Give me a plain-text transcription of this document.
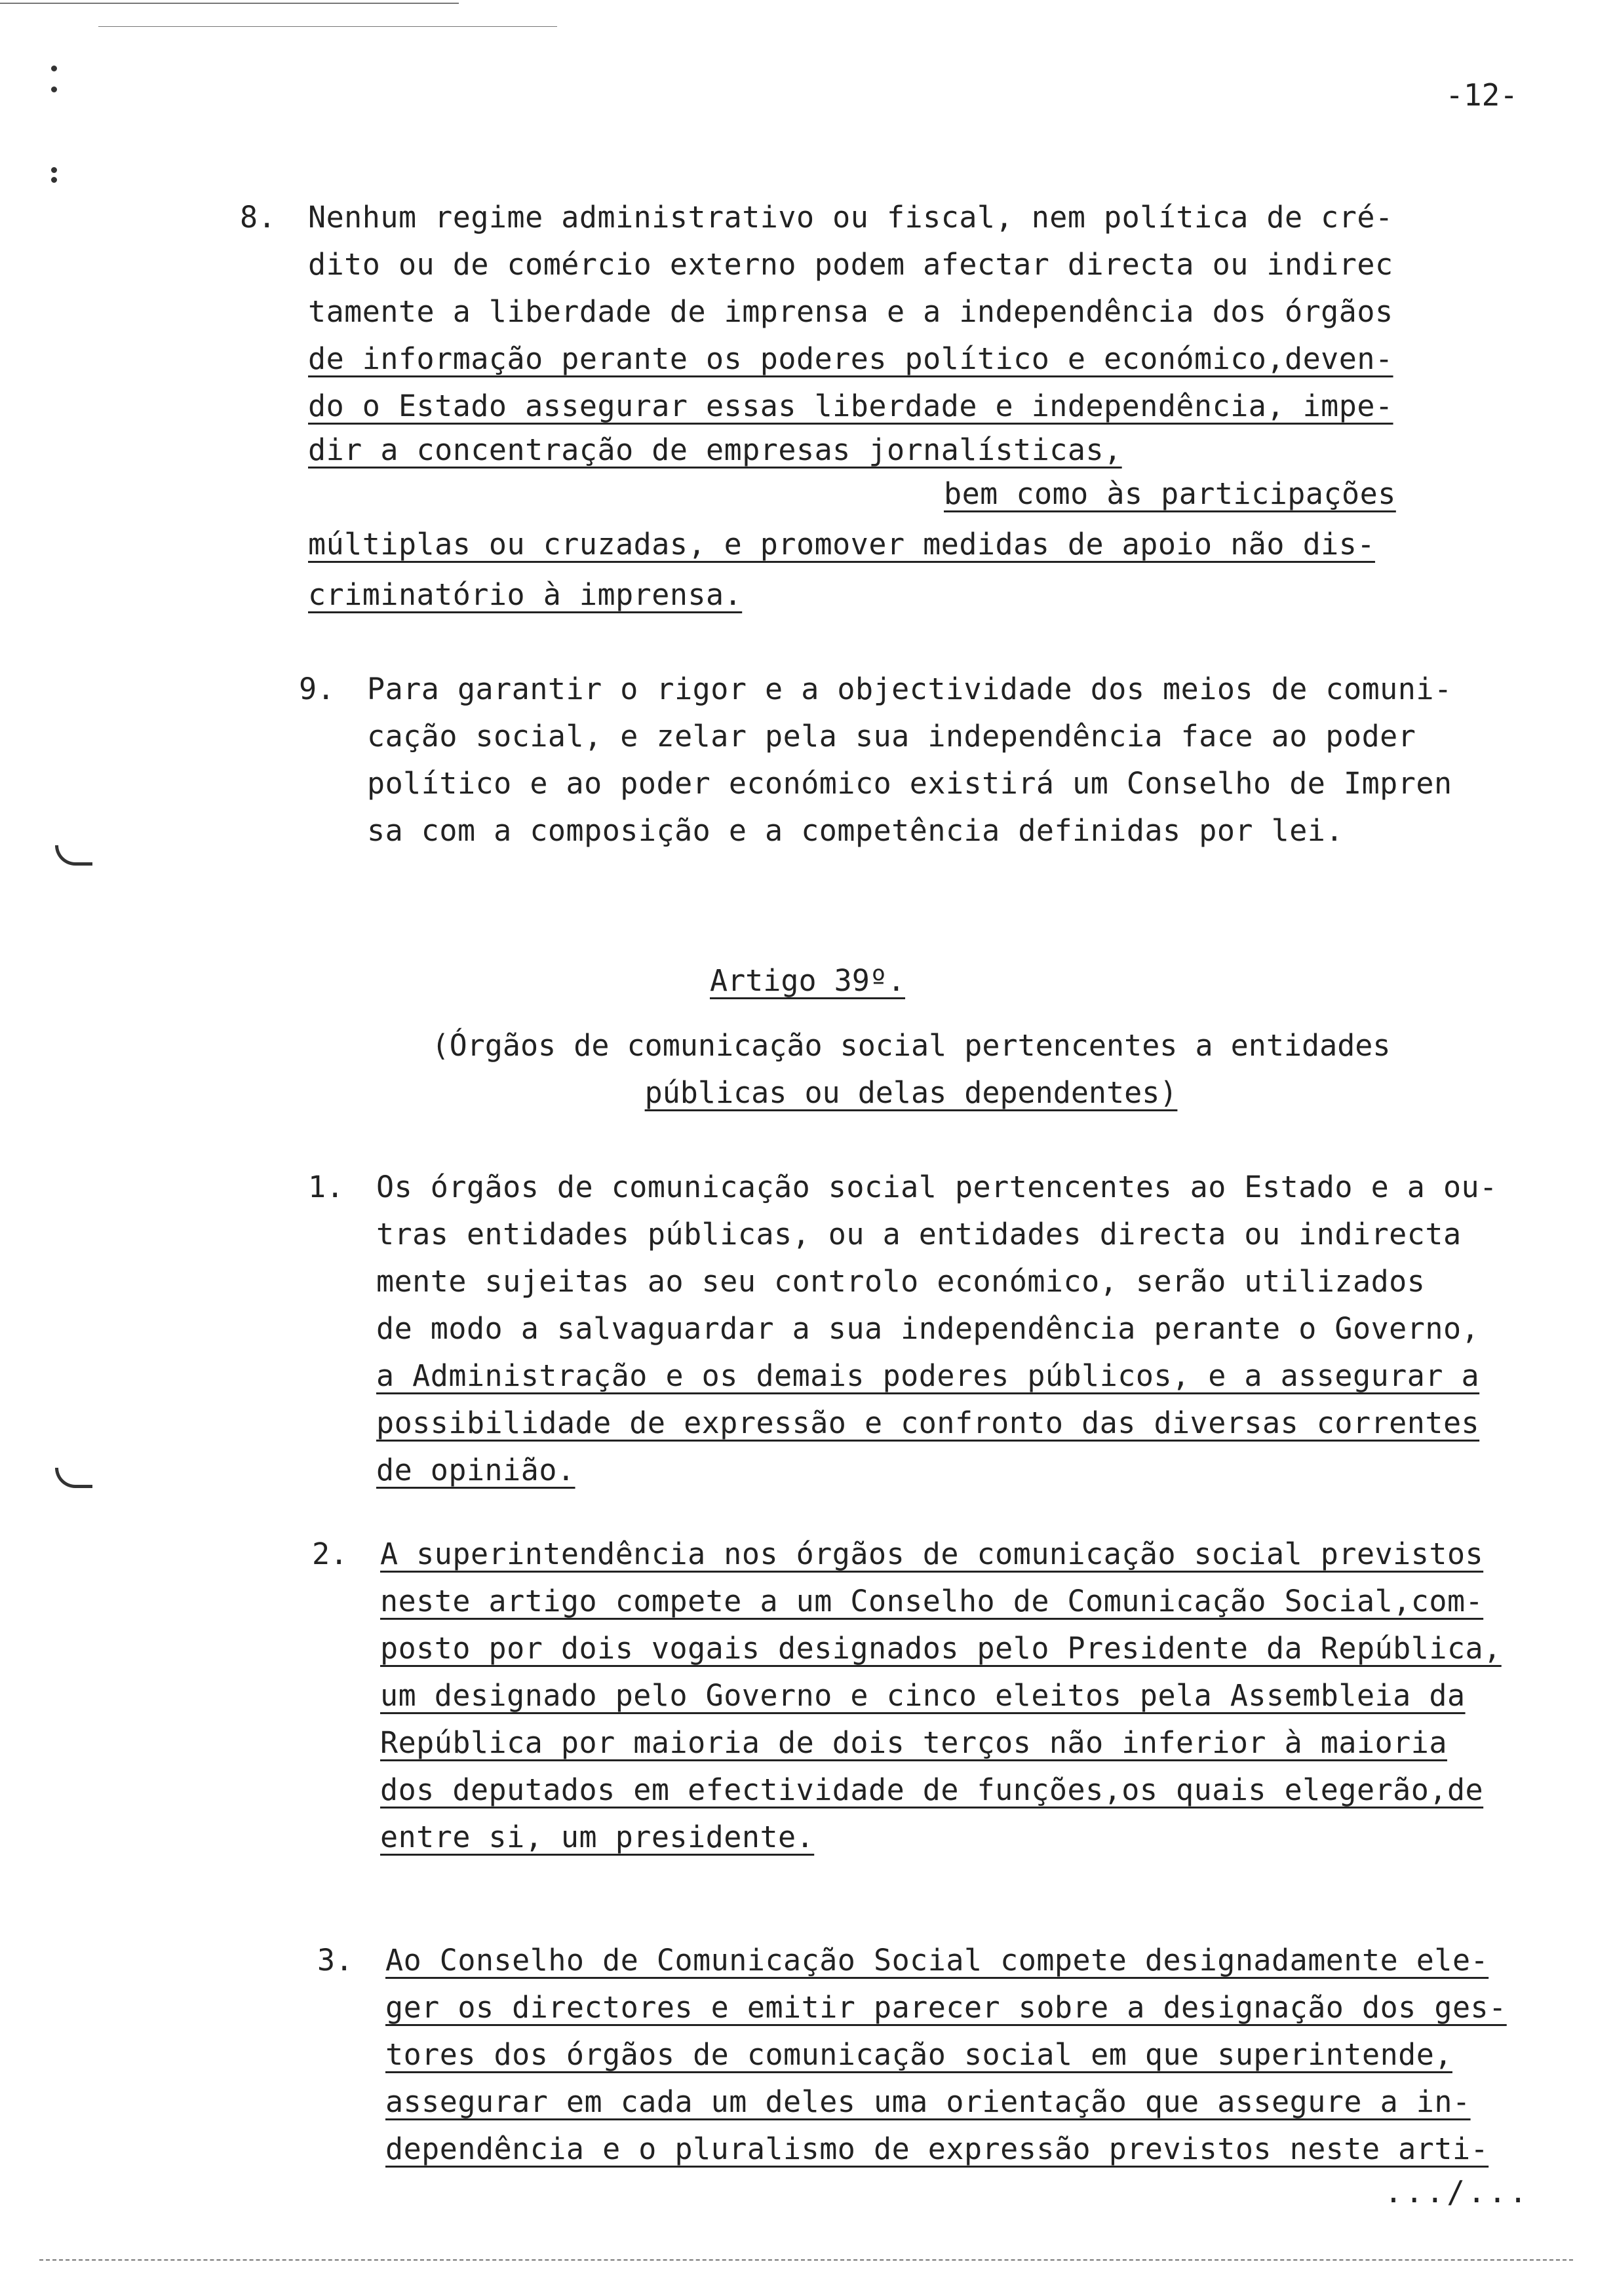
-12-
8. Nenhum regime administrativo ou fiscal, nem política de cré-
dito ou de comércio externo podem afectar directa ou indirec
tamente a liberdade de imprensa e a independência dos órgãos
de informação perante os poderes político e económico,deven-
do o Estado assegurar essas liberdade e independência, impe-
dir a concentração de empresas jornalísticas,
bem como às participações
múltiplas ou cruzadas, e promover medidas de apoio não dis-
criminatório à imprensa.
9. Para garantir o rigor e a objectividade dos meios de comuni-
cação social, e zelar pela sua independência face ao poder
político e ao poder económico existirá um Conselho de Impren
sa com a composição e a competência definidas por lei.
Artigo 39º.
(Órgãos de comunicação social pertencentes a entidades
públicas ou delas dependentes)
1. Os órgãos de comunicação social pertencentes ao Estado e a ou-
tras entidades públicas, ou a entidades directa ou indirecta
mente sujeitas ao seu controlo económico, serão utilizados
de modo a salvaguardar a sua independência perante o Governo,
a Administração e os demais poderes públicos, e a assegurar a
possibilidade de expressão e confronto das diversas correntes
de opinião.
2. A superintendência nos órgãos de comunicação social previstos
neste artigo compete a um Conselho de Comunicação Social,com-
posto por dois vogais designados pelo Presidente da República,
um designado pelo Governo e cinco eleitos pela Assembleia da
República por maioria de dois terços não inferior à maioria
dos deputados em efectividade de funções,os quais elegerão,de
entre si, um presidente.
3. Ao Conselho de Comunicação Social compete designadamente ele-
ger os directores e emitir parecer sobre a designação dos ges-
tores dos órgãos de comunicação social em que superintende,
assegurar em cada um deles uma orientação que assegure a in-
dependência e o pluralismo de expressão previstos neste arti-
.../...
